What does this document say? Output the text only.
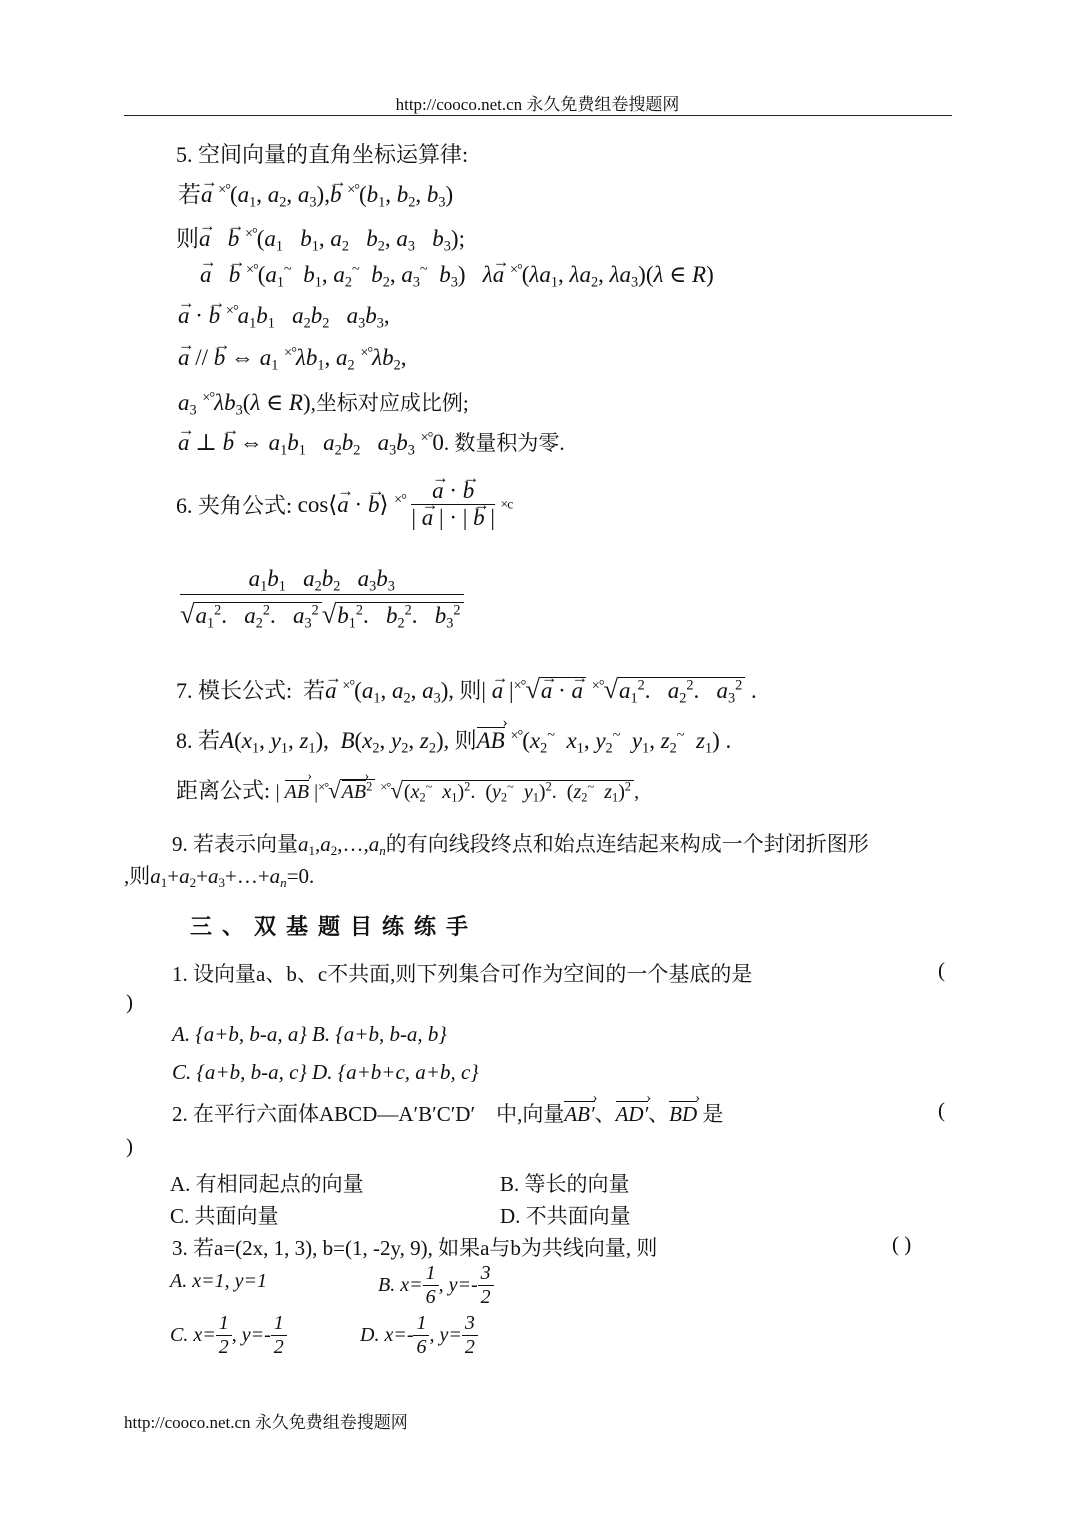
http://cooco.net.cn 永久免费组卷搜题网
http://cooco.net.cn 永久免费组卷搜题网
5. 空间向量的直角坐标运算律:
若→ a $^{\times^\circ}(a_1$, $a_2$, $a_3),\to b$ $^{\times^\circ}(b_1$, $b_2$, $b_3$)
则→ a   → b $^{\times^\circ}(a_1$ $b_1$, $a_2$ $b_2$, $a_3$ $b_3$);
→ a   → b $^{\times^\circ}(a_1^\sim$ $b_1$, $a_2^\sim$ $b_2$, $a_3^\sim$ $b_3$)   λ→ a $^{\times^\circ}(\lambda a_1$, $\lambda a_2$, $\lambda a_3)(\lambda$ ∈ R)
→ a · → b $^{\times^\circ}a_1b_1$ $a_2b_2$ $a_3b_3$,
→ a // → b ⇔ $a_1$ $^{\times^\circ}\lambda b_1$, $a_2$ $^{\times^\circ}\lambda b_2$,
$a_3$ $^{\times^\circ}\lambda b_3(\lambda$ ∈ R),坐标对应成比例;
→ a ⊥ → b ⇔ $a_1b_1$ $a_2b_2$ $a_3b_3$ ×°0. 数量积为零.
6. 夹角公式: cos⟨→ a · → b⟩ ×°
→ $\frac{a \cdot \to b}{| \to a | \cdot | \to b |} \times c$
$\frac{a_1b_1 a_2b_2 a_3b_3}{√a_1^2. a_2^2. a_3^2 √b_1^2. b_2^2. b_3^2}$
7. 模长公式: 若→ a $^{\times^\circ}(a_1$, $a_2$, $a_3$), 则| → a |×°√→ a · → a $^{\times^\circ}√a_1^2$.   $a_2^2$.   $a_3^2$ .
8. 若$A(x_1$, $y_1$, $z_1$),  $B(x_2$, $y_2$, $z_2$), 则AB › $^{\times^\circ}(x_2^\sim$ $x_1$, $y_2^\sim$ $y_1$, $z_2^\sim$ $z_1$) .
距离公式: | AB › |×°√AB ›$^2$ $^{\times^\circ}√(x_2^\sim$ $x_1)^2$.  ($y_2^\sim$ $y_1)^2$.  ($z_2^\sim$ $z_1)^2$ ,
9. 若表示向量$a_1,a_2,\dots,a_n$的有向线段终点和始点连结起来构成一个封闭折图形
,则$a_1+a_2+a_3+\dots+a_n=0$.
三、双基题目练练手
1. 设向量a、b、c不共面,则下列集合可作为空间的一个基底的是	(
)
A. {a+b, b-a, a} B. {a+b, b-a, b}
C. {a+b, b-a, c} D. {a+b+c, a+b, c}
2. 在平行六面体ABCD—A′B′C′D′ 中,向量AB′ ›、AD′ ›、BD › 是	(
)
A. 有相同起点的向量	B. 等长的向量
C. 共面向量	D. 不共面向量
3. 若a=(2x, 1, 3), b=(1, -2y, 9), 如果a与b为共线向量, 则	( )
A. x=1, y=1	B. $x= \frac{1}{6}$ , $y=- \frac{3}{2}$
C. $x= \frac{1}{2}$ , $y=- \frac{1}{2}$	D. $x=- \frac{1}{6}$ , $y= \frac{3}{2}$
